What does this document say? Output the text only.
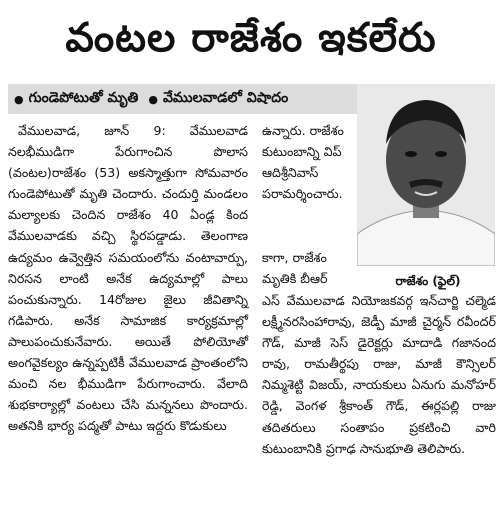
వంటల రాజేశం ఇకలేరు
● గుండెపోటుతో మృతి ● వేములవాడలో విషాదం
రాజేశం (ఫైల్)

వేములవాడ, జూన్ 9: వేములవాడ నలభీముడిగా పేరుగాంచిన పొలాస (వంటల)రాజేశం (53) అకస్మాత్తుగా సోమవారం గుండెపోటుతో మృతి చెందారు. చందుర్తి మండలం మల్యాలకు చెందిన రాజేశం 40 ఏండ్ల కింద వేములవాడకు వచ్చి స్థిరపడ్డాడు. తెలంగాణ ఉద్యమం ఉవ్వెత్తిన సమయంలోను వంటావార్పు, నిరసన లాంటి అనేక ఉద్యమాల్లో పాలు పంచుకున్నారు. 14రోజుల జైలు జీవితాన్ని గడిపారు. అనేక సామాజిక కార్యక్రమాల్లో పాలుపంచుకునేవారు. అయితే పోలియోతో అంగవైకల్యం ఉన్నప్పటికీ వేములవాడ ప్రాంతంలోని మంచి నల భీముడిగా పేరుగాంచారు. వేలాది శుభకార్యాల్లో వంటలు చేసి మన్ననలు పొందారు. అతనికి భార్య పద్మతో పాటు ఇద్దరు కొడుకులు

ఉన్నారు. రాజేశం కుటుంబాన్ని విప్ ఆదిశ్రీనివాస్ పరామర్శించారు.

కాగా, రాజేశం మృతికి బీఆర్

ఎస్ వేములవాడ నియోజకవర్గ ఇన్‌చార్జి చల్మెడ లక్ష్మీనరసింహారావు, జెడ్పీ మాజీ చైర్మన్ రవీందర్ గౌడ్, మాజీ సెస్ డైరెక్టర్లు మాదాడి గజానంద రావు, రామతీర్థపు రాజు, మాజీ కౌన్సిలర్ నిమ్మశెట్టి విజయ్, నాయకులు ఏనుగు మనోహర్ రెడ్డి, వెంగళ శ్రీకాంత్ గౌడ్, ఈర్లపల్లి రాజు తదితరులు సంతాపం ప్రకటించి వారి కుటుంబానికి ప్రగాఢ సానుభూతి తెలిపారు.
